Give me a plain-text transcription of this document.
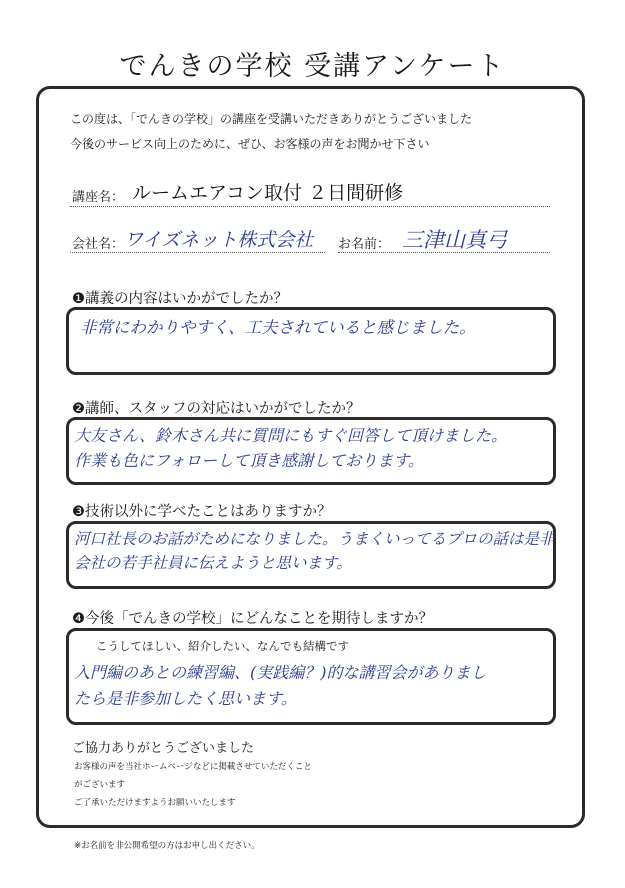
でんきの学校 受講アンケート
この度は、「でんきの学校」の講座を受講いただきありがとうございました
今後のサービス向上のために、ぜひ、お客様の声をお聞かせ下さい
講座名： ルームエアコン取付 ２日間研修
会社名： ワイズネット株式会社 お名前： 三津山真弓
❶講義の内容はいかがでしたか？
非常にわかりやすく、工夫されていると感じました。
❷講師、スタッフの対応はいかがでしたか？
大友さん、鈴木さん共に質問にもすぐ回答して頂けました。
作業も色にフォローして頂き感謝しております。
❸技術以外に学べたことはありますか？
河口社長のお話がためになりました。うまくいってるプロの話は是非
会社の若手社員に伝えようと思います。
❹今後「でんきの学校」にどんなことを期待しますか？
こうしてほしい、紹介したい、なんでも結構です
入門編のあとの練習編、(実践編？)的な講習会がありまし
たら是非参加したく思います。
ご協力ありがとうございました
お客様の声を当社ホームページなどに掲載させていただくこと
がございます
ご了承いただけますようお願いいたします
※お名前を非公開希望の方はお申し出ください。
